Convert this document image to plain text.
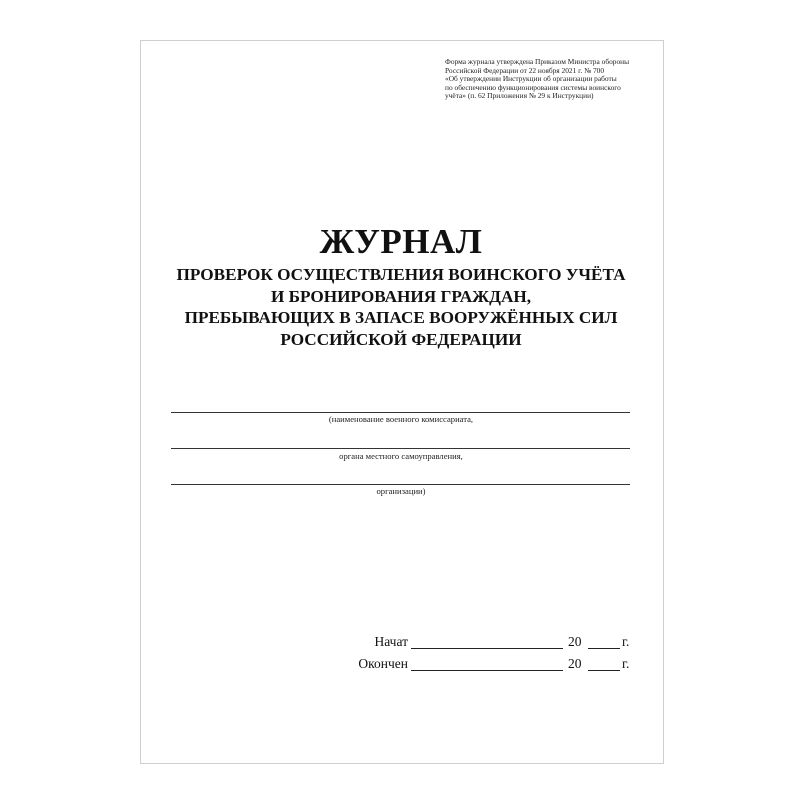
Форма журнала утверждена Приказом Министра обороны
Российской Федерации от 22 ноября 2021 г. № 700
«Об утверждении Инструкции об организации работы
по обеспечению функционирования системы воинского
учёта» (п. 62 Приложения № 29 к Инструкции)
ЖУРНАЛ
ПРОВЕРОК ОСУЩЕСТВЛЕНИЯ ВОИНСКОГО УЧЁТА
И БРОНИРОВАНИЯ ГРАЖДАН,
ПРЕБЫВАЮЩИХ В ЗАПАСЕ ВООРУЖЁННЫХ СИЛ
РОССИЙСКОЙ ФЕДЕРАЦИИ
(наименование военного комиссариата,
органа местного самоуправления,
организации)
Начат	20	г.
Окончен	20	г.
